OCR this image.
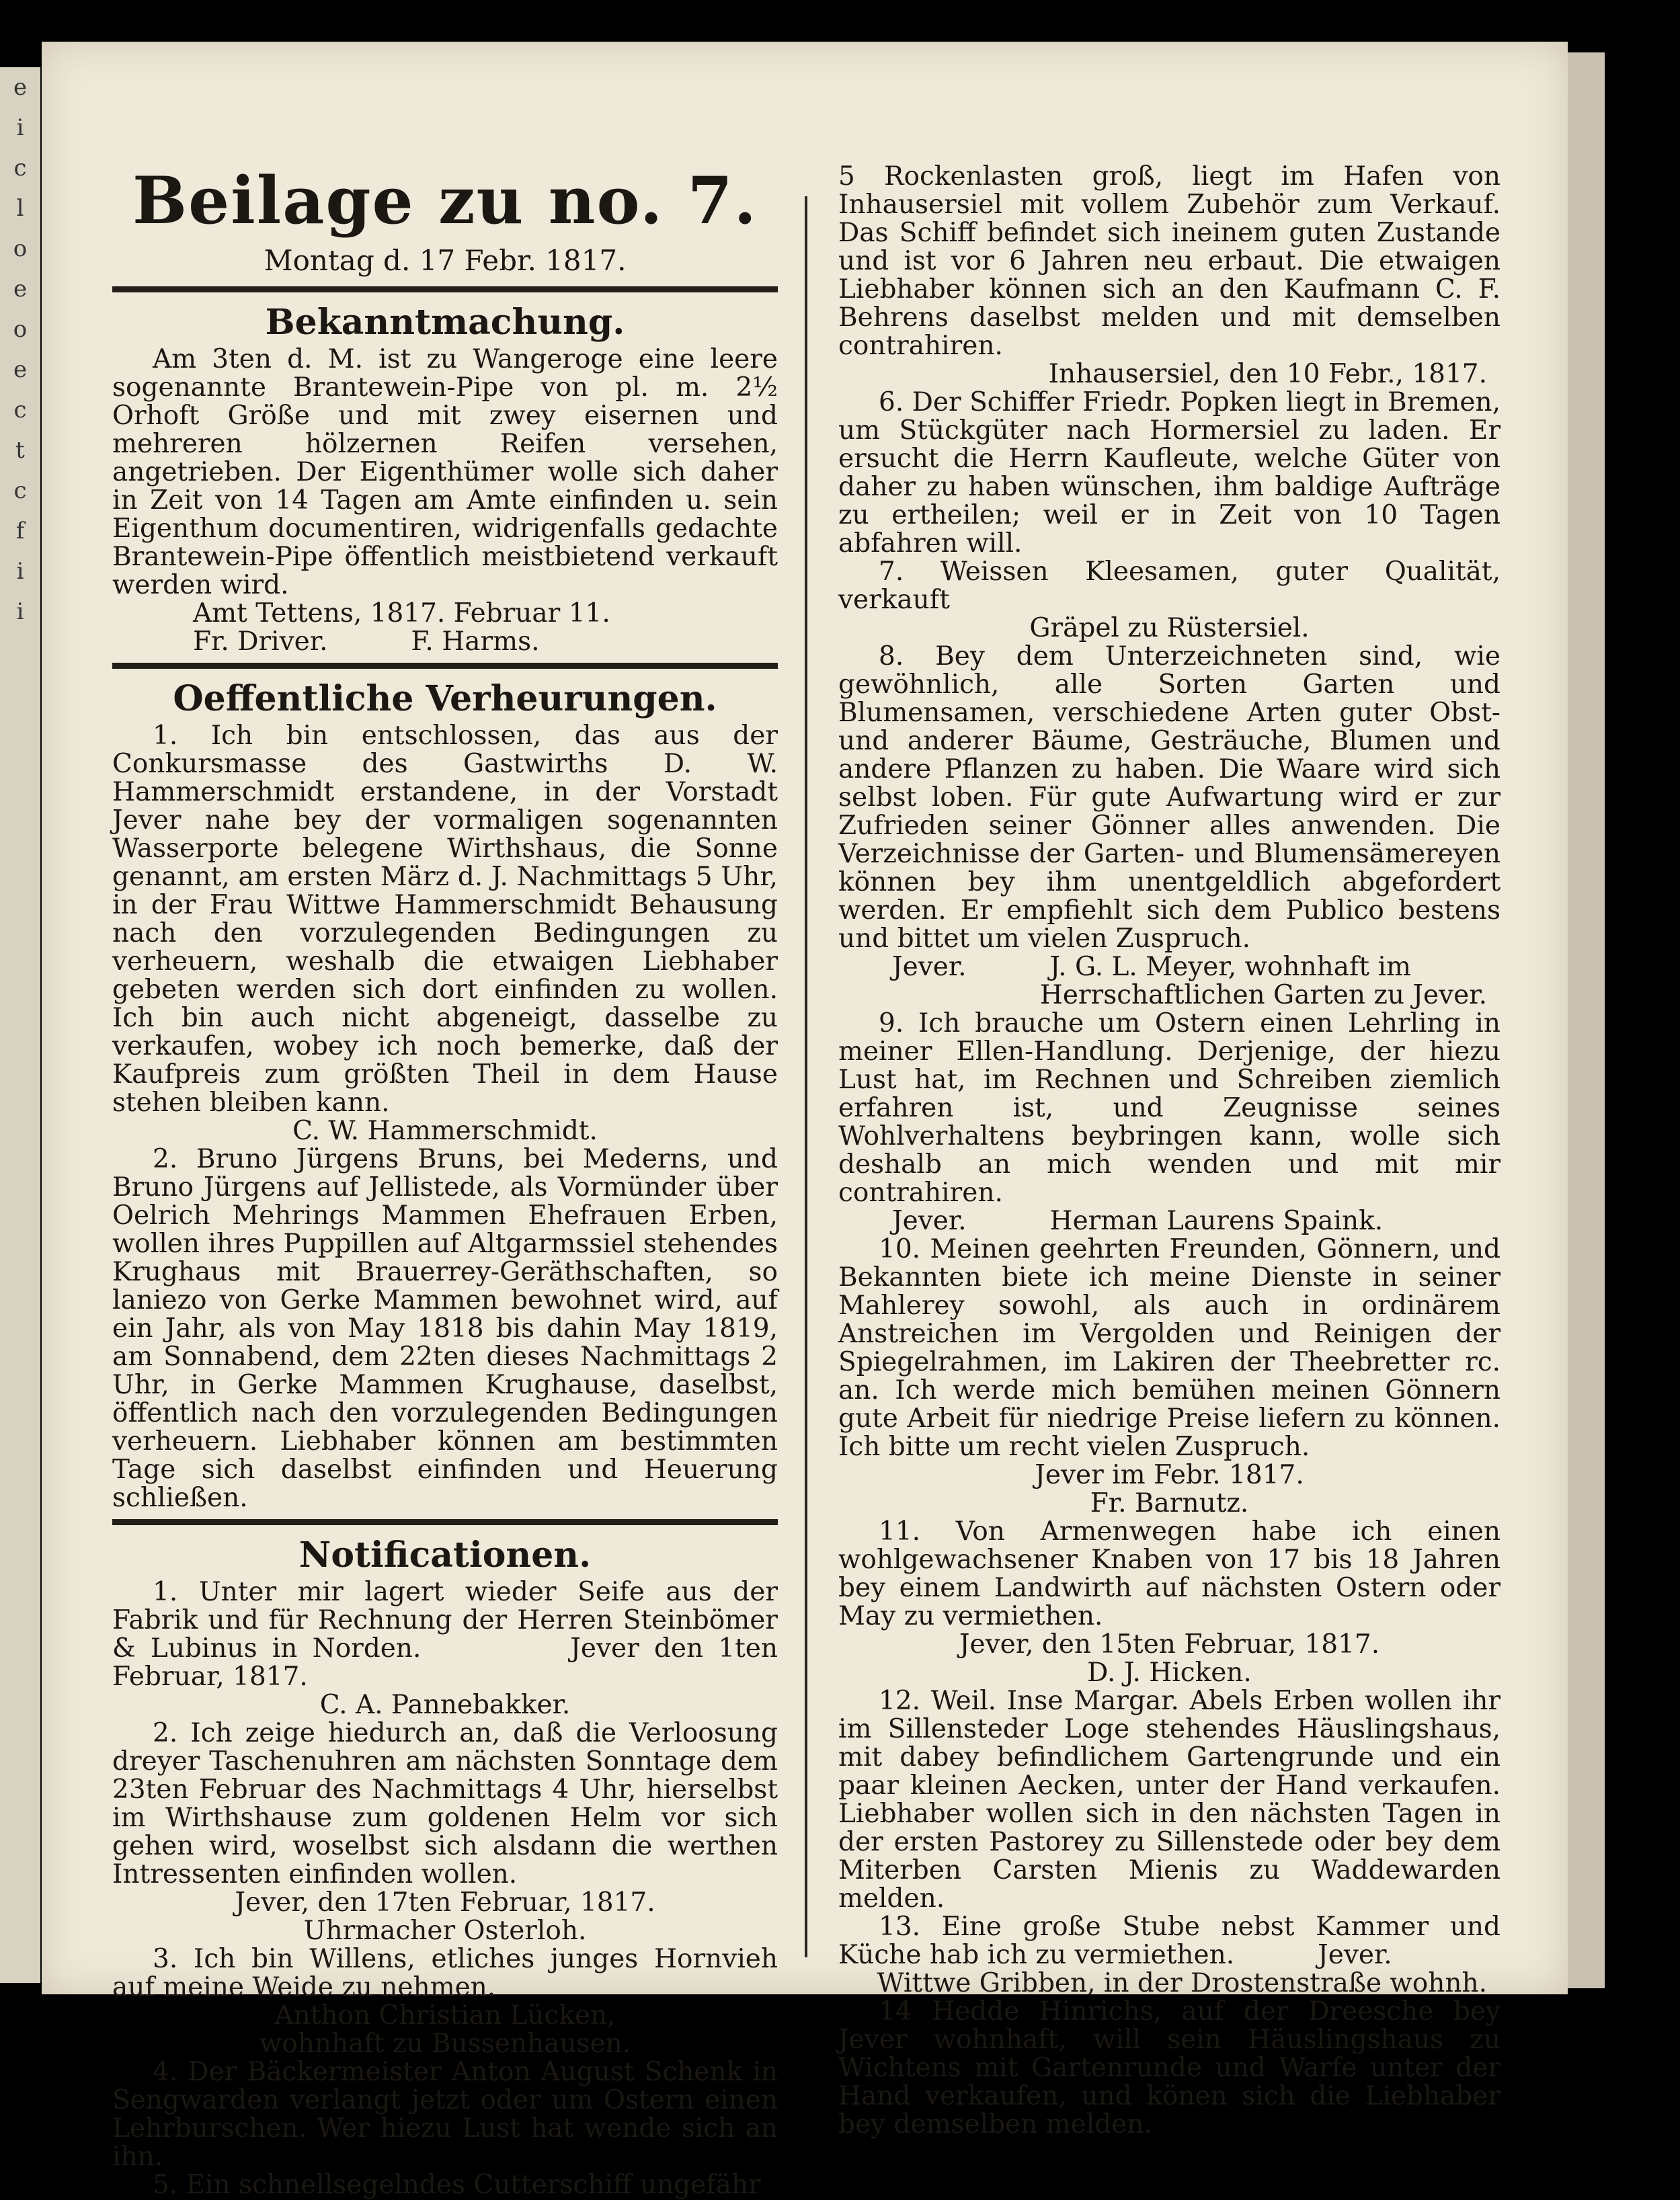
e
i
c
l
o
e
o
e
c
t
c
f
i
i
Beilage zu no. 7.
Montag d. 17 Febr. 1817.
Bekanntmachung.

Am 3ten d. M. ist zu Wangeroge eine leere sogenannte Brantewein-Pipe von pl. m. 2½ Orhoft Größe und mit zwey eisernen und mehreren hölzernen Reifen versehen, angetrieben. Der Eigenthümer wolle sich daher in Zeit von 14 Tagen am Amte einfinden u. sein Eigenthum documentiren, widrigenfalls gedachte Brantewein-Pipe öffentlich meistbietend verkauft werden wird.

Amt Tettens, 1817. Februar 11.
Fr. Driver.          F. Harms.
Oeffentliche Verheurungen.

1. Ich bin entschlossen, das aus der Conkursmasse des Gastwirths D. W. Hammerschmidt erstandene, in der Vorstadt Jever nahe bey der vormaligen sogenannten Wasserporte belegene Wirthshaus, die Sonne genannt, am ersten März d. J. Nachmittags 5 Uhr, in der Frau Wittwe Hammerschmidt Behausung nach den vorzulegenden Bedingungen zu verheuern, weshalb die etwaigen Liebhaber gebeten werden sich dort einfinden zu wollen. Ich bin auch nicht abgeneigt, dasselbe zu verkaufen, wobey ich noch bemerke, daß der Kaufpreis zum größten Theil in dem Hause stehen bleiben kann.

C. W. Hammerschmidt.

2. Bruno Jürgens Bruns, bei Mederns, und Bruno Jürgens auf Jellistede, als Vormünder über Oelrich Mehrings Mammen Ehefrauen Erben, wollen ihres Puppillen auf Altgarmssiel stehendes Krughaus mit Brauerrey-Geräthschaften, so laniezo von Gerke Mammen bewohnet wird, auf ein Jahr, als von May 1818 bis dahin May 1819, am Sonnabend, dem 22ten dieses Nachmittags 2 Uhr, in Gerke Mammen Krughause, daselbst, öffentlich nach den vorzulegenden Bedingungen verheuern. Liebhaber können am bestimmten Tage sich daselbst einfinden und Heuerung schließen.

Notificationen.

1. Unter mir lagert wieder Seife aus der Fabrik und für Rechnung der Herren Steinbömer & Lubinus in Norden.          Jever den 1ten Februar, 1817.

C. A. Pannebakker.

2. Ich zeige hiedurch an, daß die Verloosung dreyer Taschenuhren am nächsten Sonntage dem 23ten Februar des Nachmittags 4 Uhr, hierselbst im Wirthshause zum goldenen Helm vor sich gehen wird, woselbst sich alsdann die werthen Intressenten einfinden wollen.

Jever, den 17ten Februar, 1817.
Uhrmacher Osterloh.

3. Ich bin Willens, etliches junges Hornvieh auf meine Weide zu nehmen.

Anthon Christian Lücken,
wohnhaft zu Bussenhausen.

4. Der Bäckermeister Anton August Schenk in Sengwarden verlangt jetzt oder um Ostern einen Lehrburschen. Wer hiezu Lust hat wende sich an ihn.

5. Ein schnellsegelndes Cutterschiff ungefähr

5 Rockenlasten groß, liegt im Hafen von Inhausersiel mit vollem Zubehör zum Verkauf. Das Schiff befindet sich ineinem guten Zustande und ist vor 6 Jahren neu erbaut. Die etwaigen Liebhaber können sich an den Kaufmann C. F. Behrens daselbst melden und mit demselben contrahiren.

Inhausersiel, den 10 Febr., 1817.

6. Der Schiffer Friedr. Popken liegt in Bremen, um Stückgüter nach Hormersiel zu laden. Er ersucht die Herrn Kaufleute, welche Güter von daher zu haben wünschen, ihm baldige Aufträge zu ertheilen; weil er in Zeit von 10 Tagen abfahren will.

7. Weissen Kleesamen, guter Qualität, verkauft

Gräpel zu Rüstersiel.

8. Bey dem Unterzeichneten sind, wie gewöhnlich, alle Sorten Garten und Blumensamen, verschiedene Arten guter Obst- und anderer Bäume, Gesträuche, Blumen und andere Pflanzen zu haben. Die Waare wird sich selbst loben. Für gute Aufwartung wird er zur Zufrieden seiner Gönner alles anwenden. Die Verzeichnisse der Garten- und Blumensämereyen können bey ihm unentgeldlich abgefordert werden. Er empfiehlt sich dem Publico bestens und bittet um vielen Zuspruch.

Jever.          J. G. L. Meyer, wohnhaft im
Herrschaftlichen Garten zu Jever.

9. Ich brauche um Ostern einen Lehrling in meiner Ellen-Handlung. Derjenige, der hiezu Lust hat, im Rechnen und Schreiben ziemlich erfahren ist, und Zeugnisse seines Wohlverhaltens beybringen kann, wolle sich deshalb an mich wenden und mit mir contrahiren.

Jever.          Herman Laurens Spaink.

10. Meinen geehrten Freunden, Gönnern, und Bekannten biete ich meine Dienste in seiner Mahlerey sowohl, als auch in ordinärem Anstreichen im Vergolden und Reinigen der Spiegelrahmen, im Lakiren der Theebretter rc. an. Ich werde mich bemühen meinen Gönnern gute Arbeit für niedrige Preise liefern zu können. Ich bitte um recht vielen Zuspruch.

Jever im Febr. 1817.
Fr. Barnutz.

11. Von Armenwegen habe ich einen wohlgewachsener Knaben von 17 bis 18 Jahren bey einem Landwirth auf nächsten Ostern oder May zu vermiethen.

Jever, den 15ten Februar, 1817.
D. J. Hicken.

12. Weil. Inse Margar. Abels Erben wollen ihr im Sillensteder Loge stehendes Häuslingshaus, mit dabey befindlichem Gartengrunde und ein paar kleinen Aecken, unter der Hand verkaufen. Liebhaber wollen sich in den nächsten Tagen in der ersten Pastorey zu Sillenstede oder bey dem Miterben Carsten Mienis zu Waddewarden melden.

13. Eine große Stube nebst Kammer und Küche hab ich zu vermiethen.          Jever.

Wittwe Gribben, in der Drostenstraße wohnh.

14 Hedde Hinrichs, auf der Dreesche bey Jever wohnhaft, will sein Häuslingshaus zu Wichtens mit Gartenrunde und Warfe unter der Hand verkaufen, und könen sich die Liebhaber bey demselben melden.
